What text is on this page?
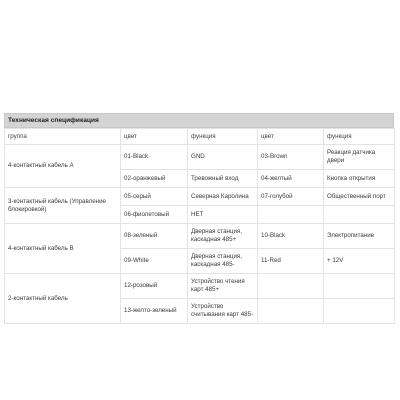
Техническая спецификация
группа	цвет	функция	цвет	функция
4-контактный кабель A	01-Black	GND	03-Brown	Реакция датчика двери
	02-оранжевый	Тревожный вход	04-желтый	Кнопка открытия
3-контактный кабель (Управление блокировкой)	05-серый	Северная Каролина	07-голубой	Общественный порт
	06-фиолетовый	НЕТ		
4-контактный кабель B	08-зеленый	Дверная станция, каскадная 485+	10-Black	Электропитание
	09-White	Дверная станция, каскадная 485-	11-Red	+ 12V
2-контактный кабель	12-розовый	Устройство чтения карт 485+		
	13-желто-зеленый	Устройство считывания карт 485-		
